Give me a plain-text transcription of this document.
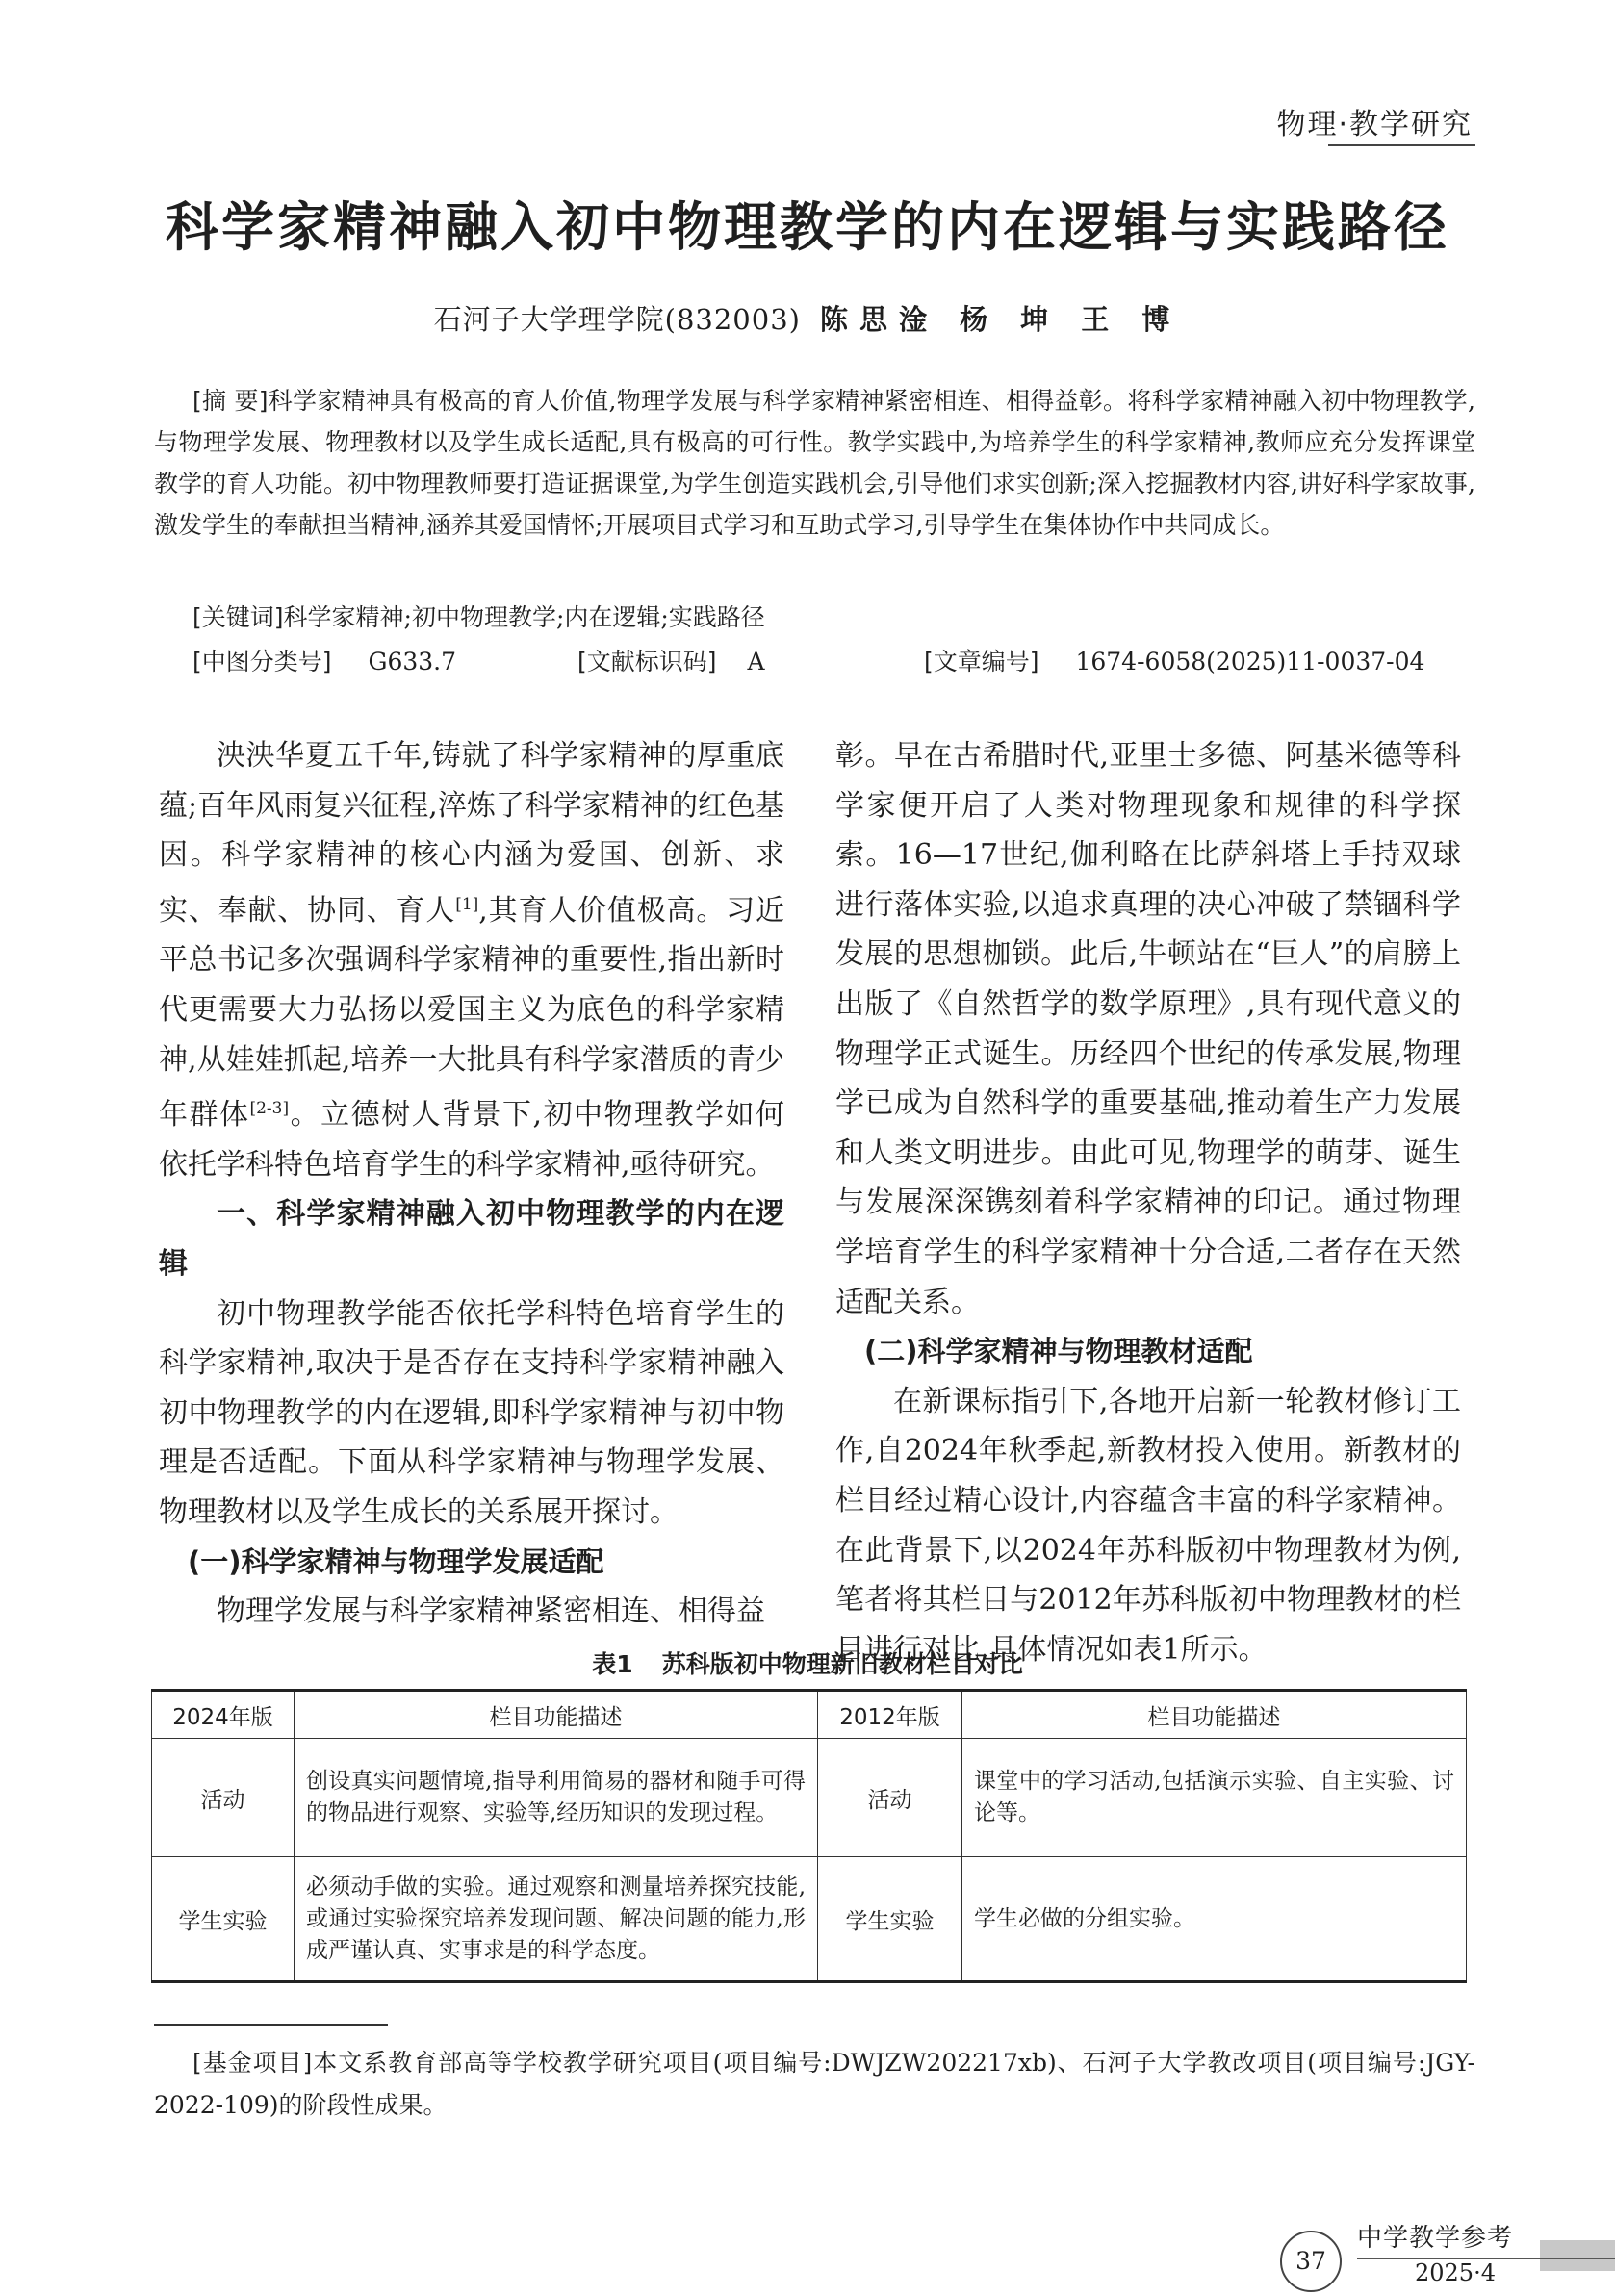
物理·教学研究
科学家精神融入初中物理教学的内在逻辑与实践路径
石河子大学理学院(832003) 陈思淦 杨 坤 王 博
[摘 要]科学家精神具有极高的育人价值,物理学发展与科学家精神紧密相连、相得益彰。将科学家精神融入初中物理教学,与物理学发展、物理教材以及学生成长适配,具有极高的可行性。教学实践中,为培养学生的科学家精神,教师应充分发挥课堂教学的育人功能。初中物理教师要打造证据课堂,为学生创造实践机会,引导他们求实创新;深入挖掘教材内容,讲好科学家故事,激发学生的奉献担当精神,涵养其爱国情怀;开展项目式学习和互助式学习,引导学生在集体协作中共同成长。
[关键词]科学家精神;初中物理教学;内在逻辑;实践路径
[中图分类号] G633.7	[文献标识码] A	[文章编号] 1674-6058(2025)11-0037-04

泱泱华夏五千年,铸就了科学家精神的厚重底蕴;百年风雨复兴征程,淬炼了科学家精神的红色基因。科学家精神的核心内涵为爱国、创新、求实、奉献、协同、育人[1],其育人价值极高。习近平总书记多次强调科学家精神的重要性,指出新时代更需要大力弘扬以爱国主义为底色的科学家精神,从娃娃抓起,培养一大批具有科学家潜质的青少年群体[2-3]。立德树人背景下,初中物理教学如何依托学科特色培育学生的科学家精神,亟待研究。

一、科学家精神融入初中物理教学的内在逻辑

初中物理教学能否依托学科特色培育学生的科学家精神,取决于是否存在支持科学家精神融入初中物理教学的内在逻辑,即科学家精神与初中物理是否适配。下面从科学家精神与物理学发展、物理教材以及学生成长的关系展开探讨。

(一)科学家精神与物理学发展适配

物理学发展与科学家精神紧密相连、相得益

彰。早在古希腊时代,亚里士多德、阿基米德等科学家便开启了人类对物理现象和规律的科学探索。16—17世纪,伽利略在比萨斜塔上手持双球进行落体实验,以追求真理的决心冲破了禁锢科学发展的思想枷锁。此后,牛顿站在“巨人”的肩膀上出版了《自然哲学的数学原理》,具有现代意义的物理学正式诞生。历经四个世纪的传承发展,物理学已成为自然科学的重要基础,推动着生产力发展和人类文明进步。由此可见,物理学的萌芽、诞生与发展深深镌刻着科学家精神的印记。通过物理学培育学生的科学家精神十分合适,二者存在天然适配关系。

(二)科学家精神与物理教材适配

在新课标指引下,各地开启新一轮教材修订工作,自2024年秋季起,新教材投入使用。新教材的栏目经过精心设计,内容蕴含丰富的科学家精神。在此背景下,以2024年苏科版初中物理教材为例,笔者将其栏目与2012年苏科版初中物理教材的栏目进行对比,具体情况如表1所示。

表1 苏科版初中物理新旧教材栏目对比
2024年版	栏目功能描述	2012年版	栏目功能描述
活动	创设真实问题情境,指导利用简易的器材和随手可得的物品进行观察、实验等,经历知识的发现过程。	活动	课堂中的学习活动,包括演示实验、自主实验、讨论等。
学生实验	必须动手做的实验。通过观察和测量培养探究技能,或通过实验探究培养发现问题、解决问题的能力,形成严谨认真、实事求是的科学态度。	学生实验	学生必做的分组实验。
[基金项目]本文系教育部高等学校教学研究项目(项目编号:DWJZW202217xb)、石河子大学教改项目(项目编号:JGY-2022-109)的阶段性成果。
37
中学教学参考
2025·4
